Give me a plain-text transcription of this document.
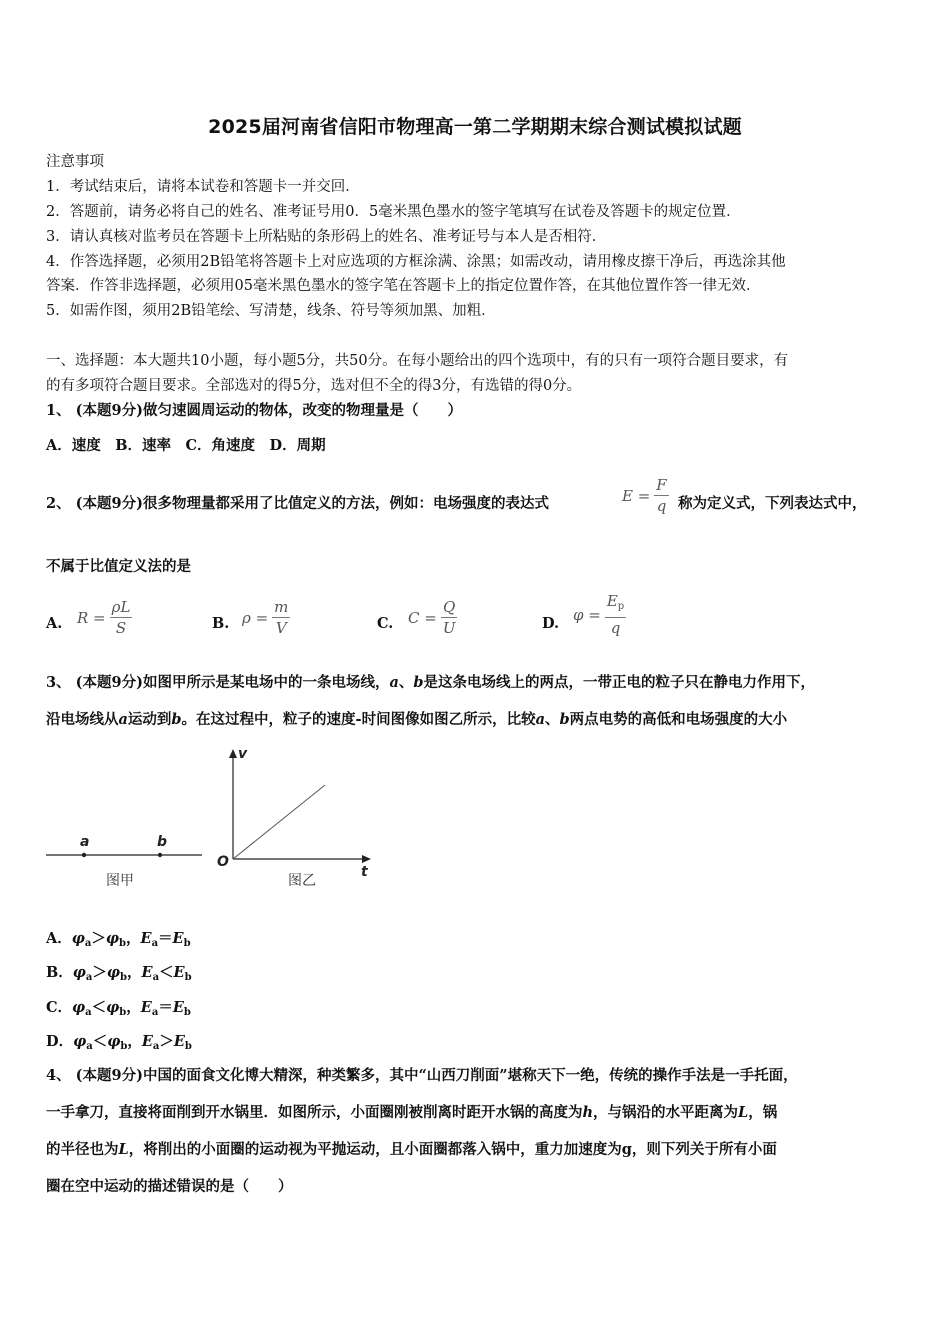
2025届河南省信阳市物理高一第二学期期末综合测试模拟试题
注意事项
1．考试结束后，请将本试卷和答题卡一并交回．
2．答题前，请务必将自己的姓名、准考证号用0．5毫米黑色墨水的签字笔填写在试卷及答题卡的规定位置．
3．请认真核对监考员在答题卡上所粘贴的条形码上的姓名、准考证号与本人是否相符．
4．作答选择题，必须用2B铅笔将答题卡上对应选项的方框涂满、涂黑；如需改动，请用橡皮擦干净后，再选涂其他
答案．作答非选择题，必须用05毫米黑色墨水的签字笔在答题卡上的指定位置作答，在其他位置作答一律无效．
5．如需作图，须用2B铅笔绘、写清楚，线条、符号等须加黑、加粗．
一、选择题：本大题共10小题，每小题5分，共50分。在每小题给出的四个选项中，有的只有一项符合题目要求，有
的有多项符合题目要求。全部选对的得5分，选对但不全的得3分，有选错的得0分。
1、 (本题9分)做匀速圆周运动的物体，改变的物理量是（　　）
A．速度　B．速率　C．角速度　D．周期
2、 (本题9分)很多物理量都采用了比值定义的方法，例如：电场强度的表达式	$E = \frac{F}{q}$ 称为定义式，下列表达式中，
不属于比值定义法的是
A. $R = \frac{\rho L}{S}$	B. $\rho = \frac{m}{V}$	C. $C = \frac{Q}{U}$	D. $\varphi = \frac{E_p}{q}$
3、 (本题9分)如图甲所示是某电场中的一条电场线，a、b是这条电场线上的两点，一带正电的粒子只在静电力作用下，
沿电场线从a运动到b。在这过程中，粒子的速度-时间图像如图乙所示，比较a、b两点电势的高低和电场强度的大小
a	b
图甲
v
t
O
图乙
A．$\varphi_a>\varphi_b$，$E_a=E_b$
B．$\varphi_a>\varphi_b$，$E_a<E_b$
C．$\varphi_a<\varphi_b$，$E_a=E_b$
D．$\varphi_a<\varphi_b$，$E_a>E_b$
4、 (本题9分)中国的面食文化博大精深，种类繁多，其中“山西刀削面”堪称天下一绝，传统的操作手法是一手托面，
一手拿刀，直接将面削到开水锅里．如图所示，小面圈刚被削离时距开水锅的高度为h，与锅沿的水平距离为L，锅
的半径也为L，将削出的小面圈的运动视为平抛运动，且小面圈都落入锅中，重力加速度为g，则下列关于所有小面
圈在空中运动的描述错误的是（　　）
